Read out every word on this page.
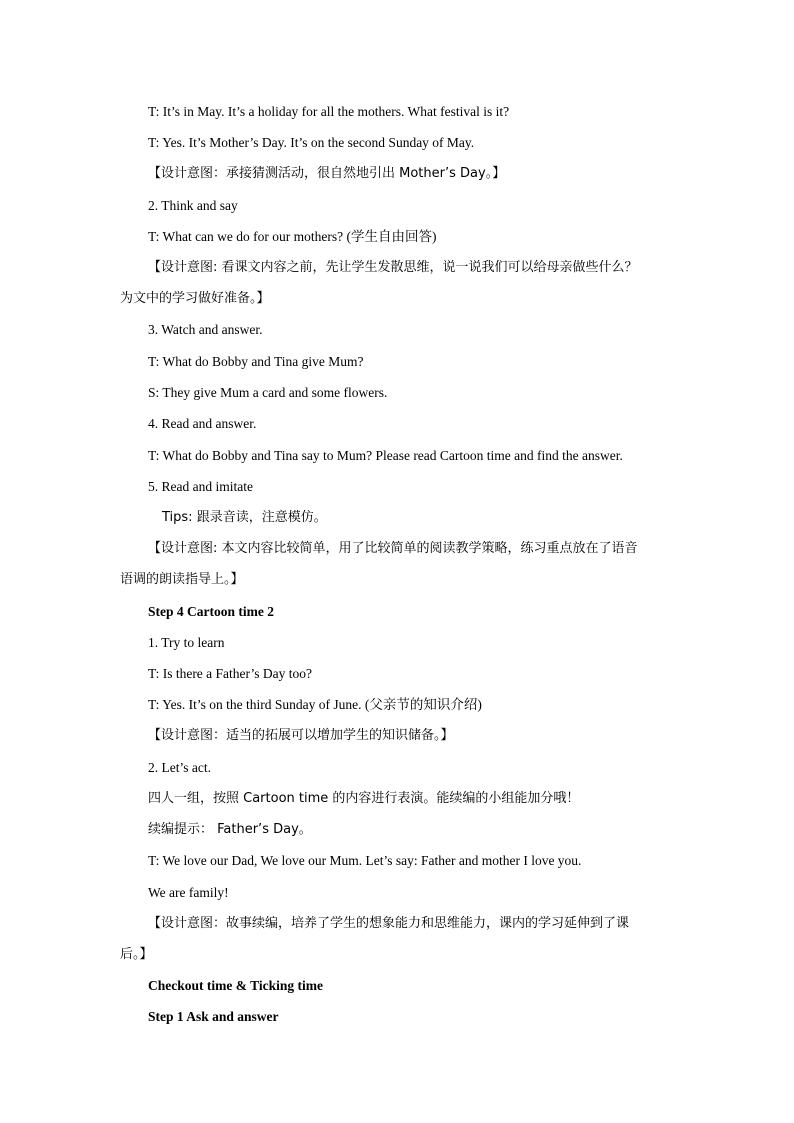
T: It’s in May. It’s a holiday for all the mothers. What festival is it?
T: Yes. It’s Mother’s Day. It’s on the second Sunday of May.
【设计意图：承接猜测活动，很自然地引出 Mother’s Day。】
2. Think and say
T: What can we do for our mothers? (学生自由回答)
【设计意图: 看课文内容之前，先让学生发散思维，说一说我们可以给母亲做些什么？
为文中的学习做好准备。】
3. Watch and answer.
T: What do Bobby and Tina give Mum?
S: They give Mum a card and some flowers.
4. Read and answer.
T: What do Bobby and Tina say to Mum? Please read Cartoon time and find the answer.
5. Read and imitate
Tips: 跟录音读，注意模仿。
【设计意图: 本文内容比较简单，用了比较简单的阅读教学策略，练习重点放在了语音
语调的朗读指导上。】
Step 4 Cartoon time 2
1. Try to learn
T: Is there a Father’s Day too?
T: Yes. It’s on the third Sunday of June. (父亲节的知识介绍)
【设计意图：适当的拓展可以增加学生的知识储备。】
2. Let’s act.
四人一组，按照 Cartoon time 的内容进行表演。能续编的小组能加分哦！
续编提示： Father’s Day。
T: We love our Dad, We love our Mum. Let’s say: Father and mother I love you.
We are family!
【设计意图：故事续编，培养了学生的想象能力和思维能力，课内的学习延伸到了课
后。】
Checkout time & Ticking time
Step 1 Ask and answer
